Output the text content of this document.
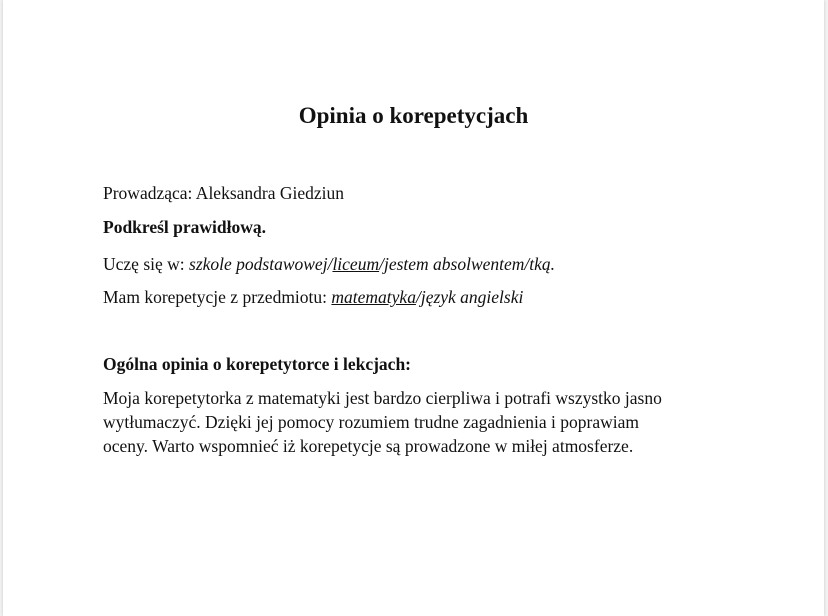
Opinia o korepetycjach

Prowadząca: Aleksandra Giedziun

Podkreśl prawidłową.

Uczę się w: szkole podstawowej/liceum/jestem absolwentem/tką.

Mam korepetycje z przedmiotu: matematyka/język angielski

Ogólna opinia o korepetytorce i lekcjach:

Moja korepetytorka z matematyki jest bardzo cierpliwa i potrafi wszystko jasno
wytłumaczyć. Dzięki jej pomocy rozumiem trudne zagadnienia i poprawiam
oceny. Warto wspomnieć iż korepetycje są prowadzone w miłej atmosferze.
